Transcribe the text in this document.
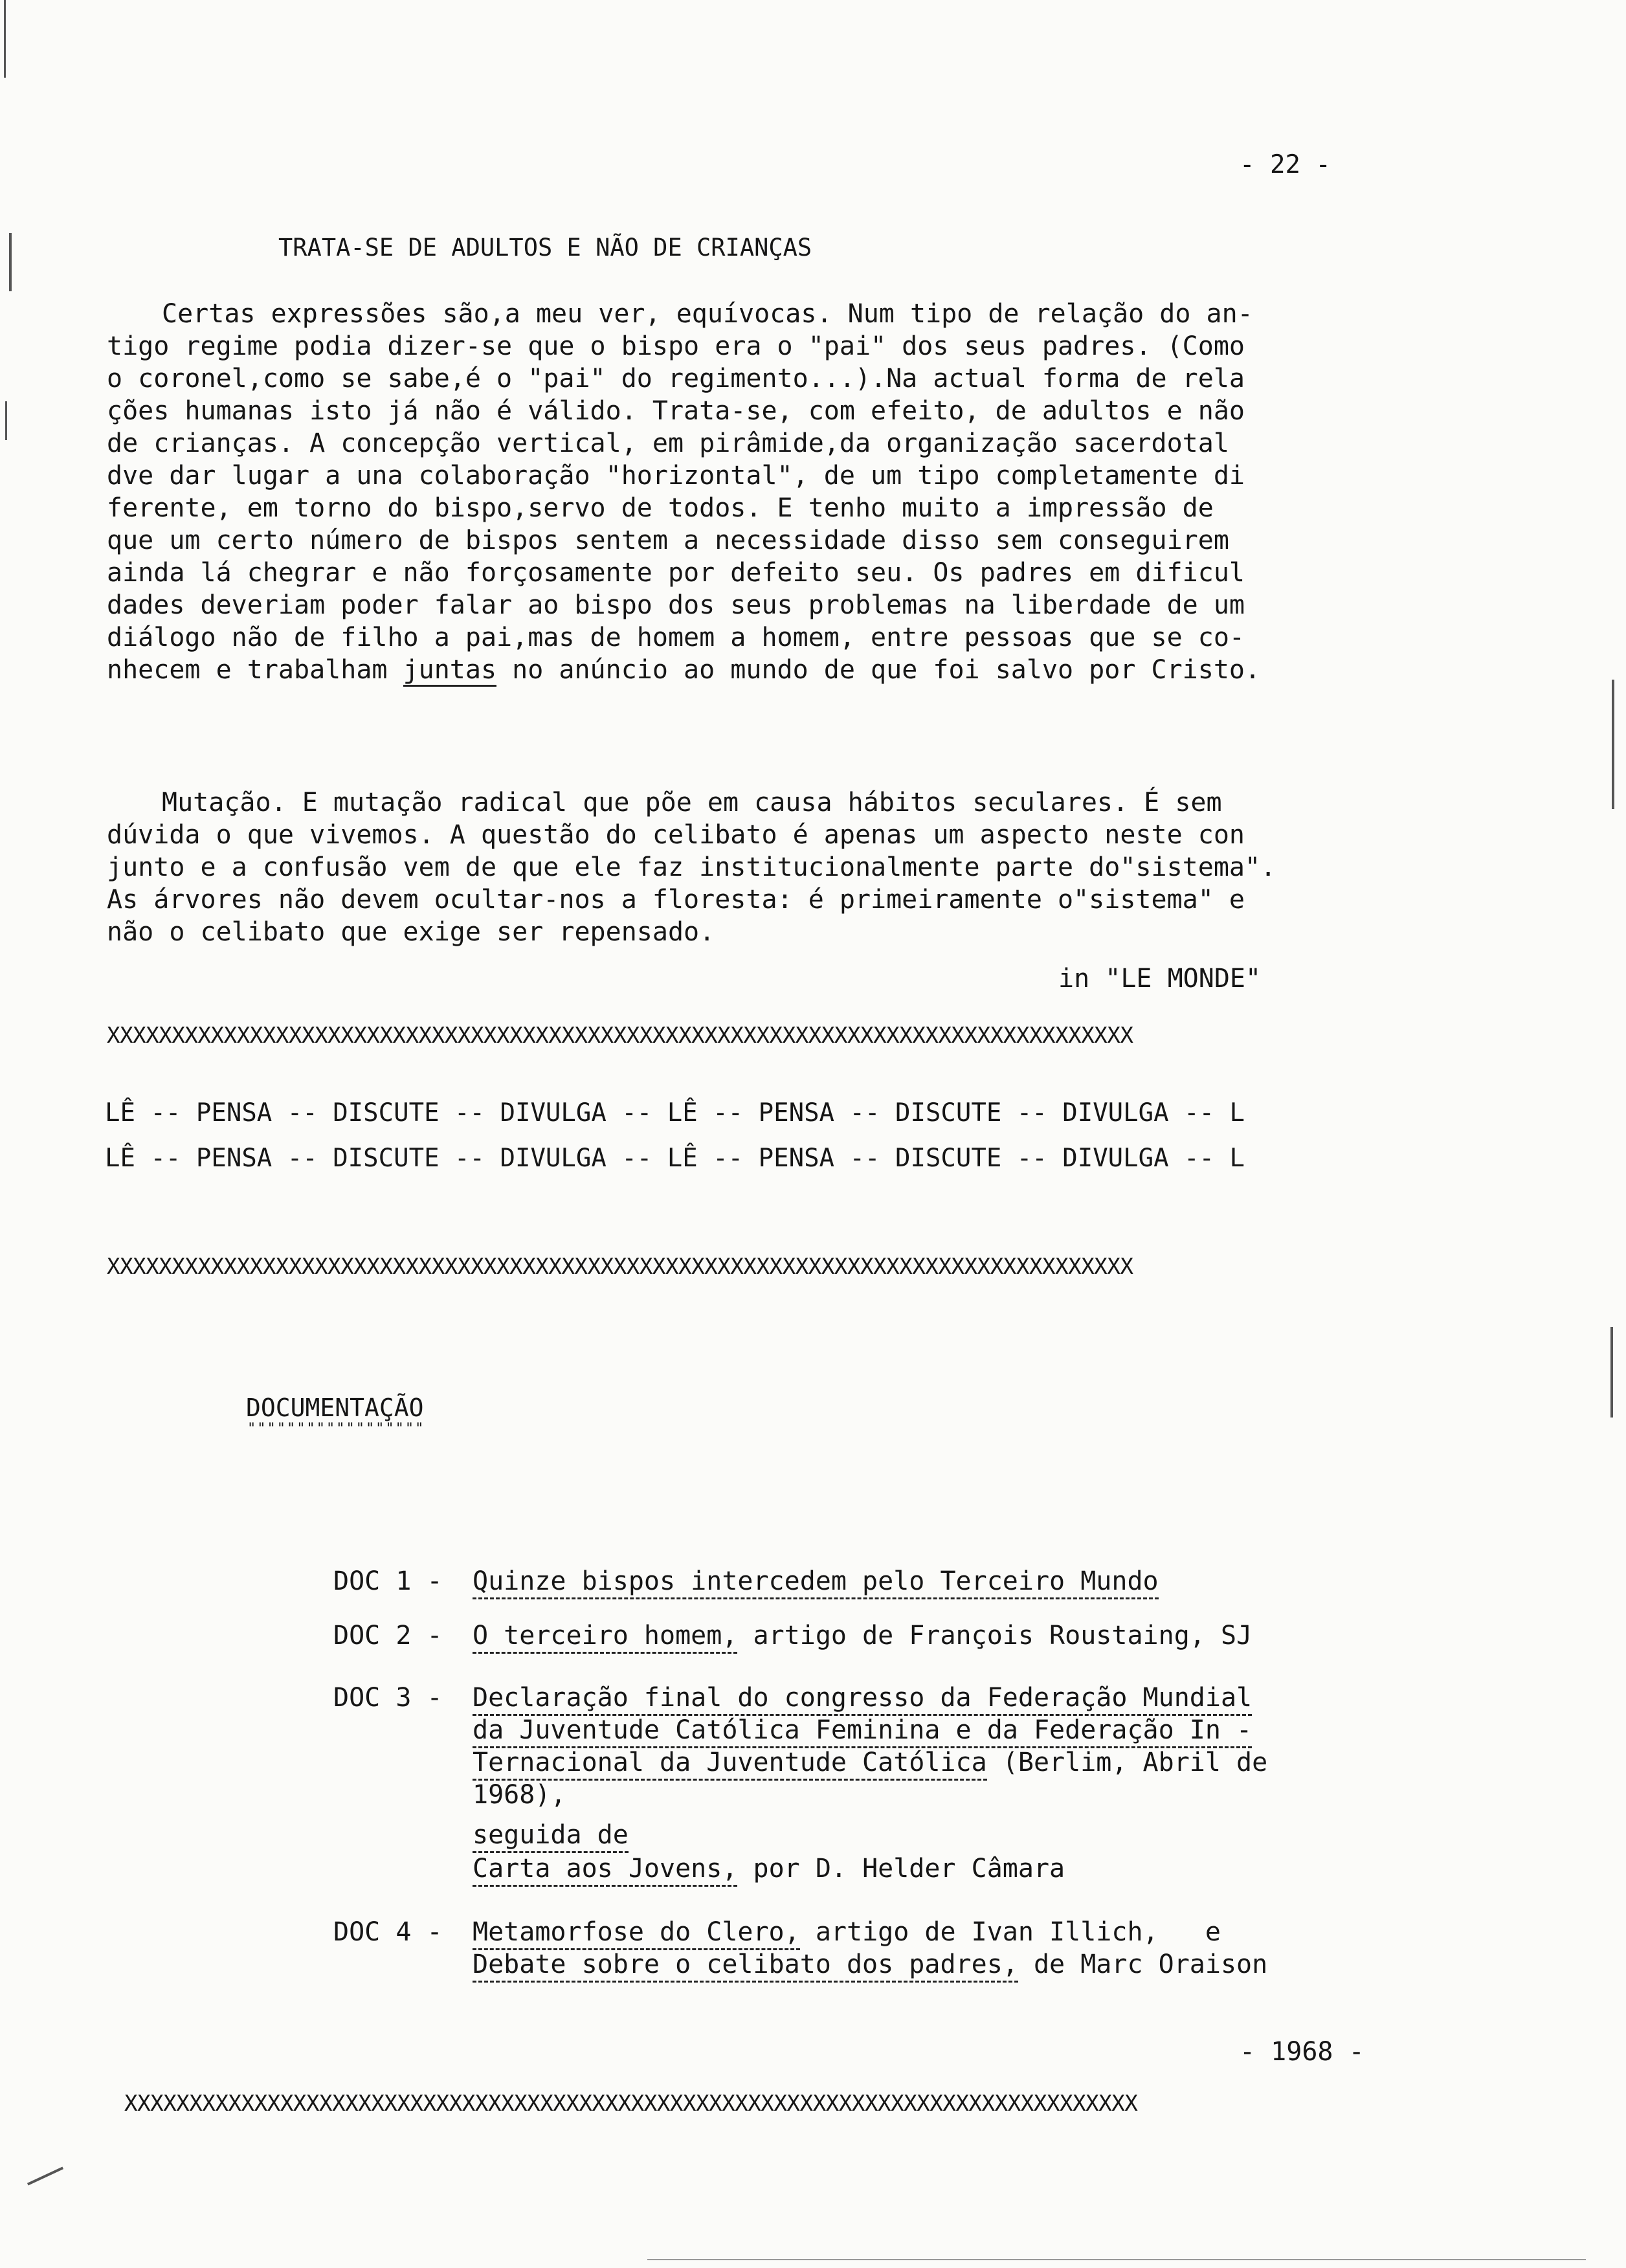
- 22 -
TRATA-SE DE ADULTOS E NÃO DE CRIANÇAS
Certas expressões são,a meu ver, equívocas. Num tipo de relação do an-
tigo regime podia dizer-se que o bispo era o "pai" dos seus padres. (Como
o coronel,como se sabe,é o "pai" do regimento...).Na actual forma de rela
ções humanas isto já não é válido. Trata-se, com efeito, de adultos e não
de crianças. A concepção vertical, em pirâmide,da organização sacerdotal
dve dar lugar a una colaboração "horizontal", de um tipo completamente di
ferente, em torno do bispo,servo de todos. E tenho muito a impressão de
que um certo número de bispos sentem a necessidade disso sem conseguirem
ainda lá chegrar e não forçosamente por defeito seu. Os padres em dificul
dades deveriam poder falar ao bispo dos seus problemas na liberdade de um
diálogo não de filho a pai,mas de homem a homem, entre pessoas que se co-
nhecem e trabalham juntas no anúncio ao mundo de que foi salvo por Cristo.
Mutação. E mutação radical que põe em causa hábitos seculares. É sem
dúvida o que vivemos. A questão do celibato é apenas um aspecto neste con
junto e a confusão vem de que ele faz institucionalmente parte do"sistema".
As árvores não devem ocultar-nos a floresta: é primeiramente o"sistema" e
não o celibato que exige ser repensado.
in "LE MONDE"
XXXXXXXXXXXXXXXXXXXXXXXXXXXXXXXXXXXXXXXXXXXXXXXXXXXXXXXXXXXXXXXXXXXXXXXXXXXXXXX
LÊ -- PENSA -- DISCUTE -- DIVULGA -- LÊ -- PENSA -- DISCUTE -- DIVULGA -- L
LÊ -- PENSA -- DISCUTE -- DIVULGA -- LÊ -- PENSA -- DISCUTE -- DIVULGA -- L
XXXXXXXXXXXXXXXXXXXXXXXXXXXXXXXXXXXXXXXXXXXXXXXXXXXXXXXXXXXXXXXXXXXXXXXXXXXXXXX
DOCUMENTAÇÃO
""""""""""""""""""
DOC 1 - Quinze bispos intercedem pelo Terceiro Mundo
DOC 2 - O terceiro homem, artigo de François Roustaing, SJ
DOC 3 - Declaração final do congresso da Federação Mundial
da Juventude Católica Feminina e da Federação In -
Ternacional da Juventude Católica (Berlim, Abril de
1968),
seguida de
Carta aos Jovens, por D. Helder Câmara
DOC 4 - Metamorfose do Clero, artigo de Ivan Illich,   e
Debate sobre o celibato dos padres, de Marc Oraison
- 1968 -
XXXXXXXXXXXXXXXXXXXXXXXXXXXXXXXXXXXXXXXXXXXXXXXXXXXXXXXXXXXXXXXXXXXXXXXXXXXXXX
